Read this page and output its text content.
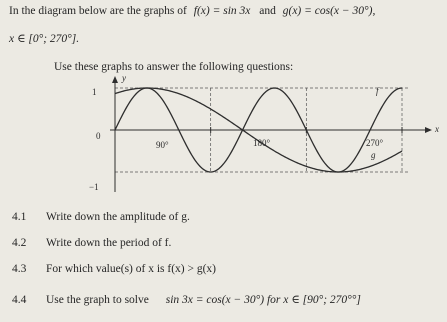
In the diagram below are the graphs of f(x) = sin 3x and g(x) = cos(x − 30°),
x ∈ [0°; 270°].
Use these graphs to answer the following questions:
y
x
1
0
−1
90°	180°	270°
f
g
4.1 Write down the amplitude of g.
4.2 Write down the period of f.
4.3 For which value(s) of x is f(x) > g(x)
4.4 Use the graph to solve sin 3x = cos(x − 30°) for x ∈ [90°; 270°°]
